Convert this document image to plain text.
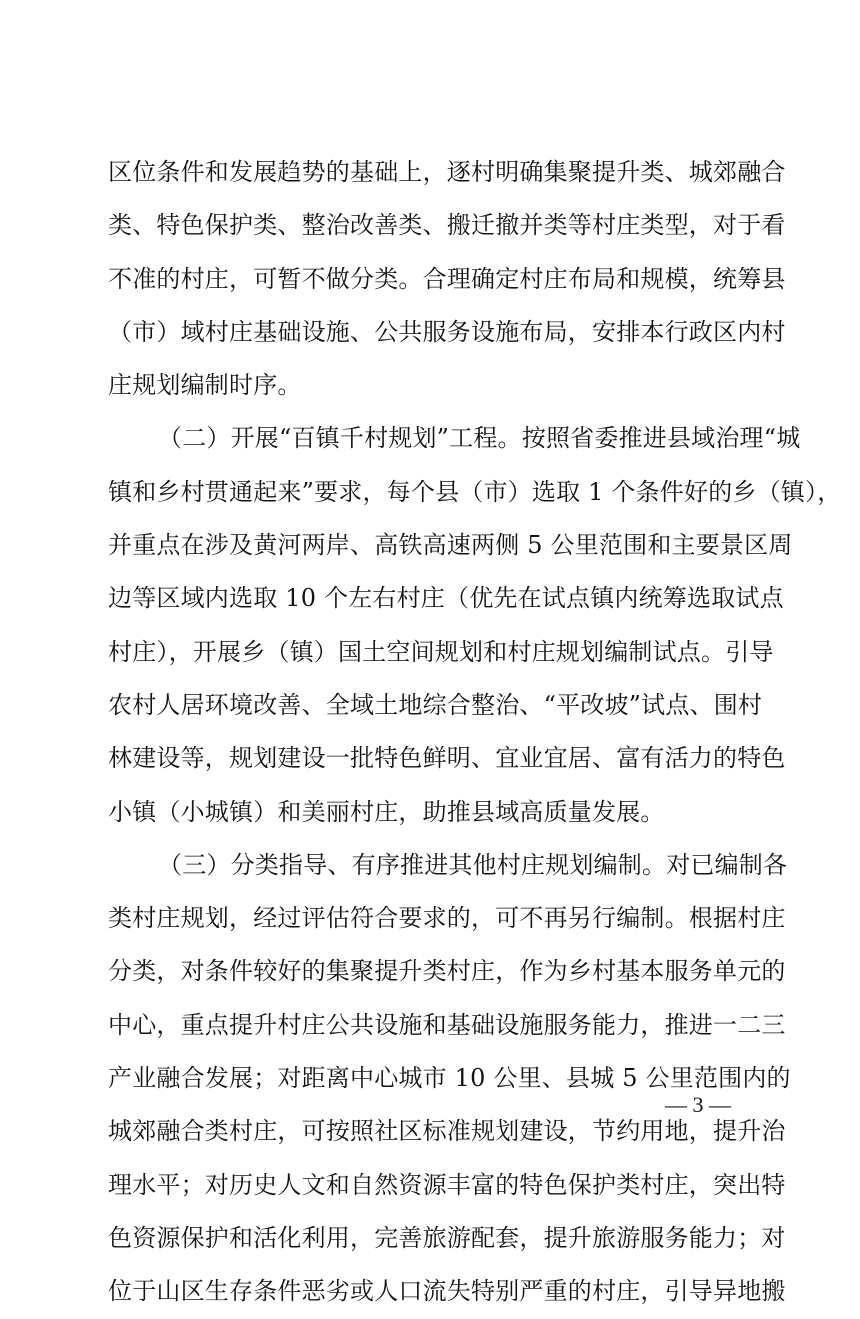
区位条件和发展趋势的基础上，逐村明确集聚提升类、城郊融合
类、特色保护类、整治改善类、搬迁撤并类等村庄类型，对于看
不准的村庄，可暂不做分类。合理确定村庄布局和规模，统筹县
（市）域村庄基础设施、公共服务设施布局，安排本行政区内村
庄规划编制时序。
（二）开展“百镇千村规划”工程。按照省委推进县域治理“城
镇和乡村贯通起来”要求，每个县（市）选取 1 个条件好的乡（镇），
并重点在涉及黄河两岸、高铁高速两侧 5 公里范围和主要景区周
边等区域内选取 10 个左右村庄（优先在试点镇内统筹选取试点
村庄），开展乡（镇）国土空间规划和村庄规划编制试点。引导
农村人居环境改善、全域土地综合整治、“平改坡”试点、围村
林建设等，规划建设一批特色鲜明、宜业宜居、富有活力的特色
小镇（小城镇）和美丽村庄，助推县域高质量发展。
（三）分类指导、有序推进其他村庄规划编制。对已编制各
类村庄规划，经过评估符合要求的，可不再另行编制。根据村庄
分类，对条件较好的集聚提升类村庄，作为乡村基本服务单元的
中心，重点提升村庄公共设施和基础设施服务能力，推进一二三
产业融合发展；对距离中心城市 10 公里、县城 5 公里范围内的
城郊融合类村庄，可按照社区标准规划建设，节约用地，提升治
理水平；对历史人文和自然资源丰富的特色保护类村庄，突出特
色资源保护和活化利用，完善旅游配套，提升旅游服务能力；对
位于山区生存条件恶劣或人口流失特别严重的村庄，引导异地搬
— 3 —
